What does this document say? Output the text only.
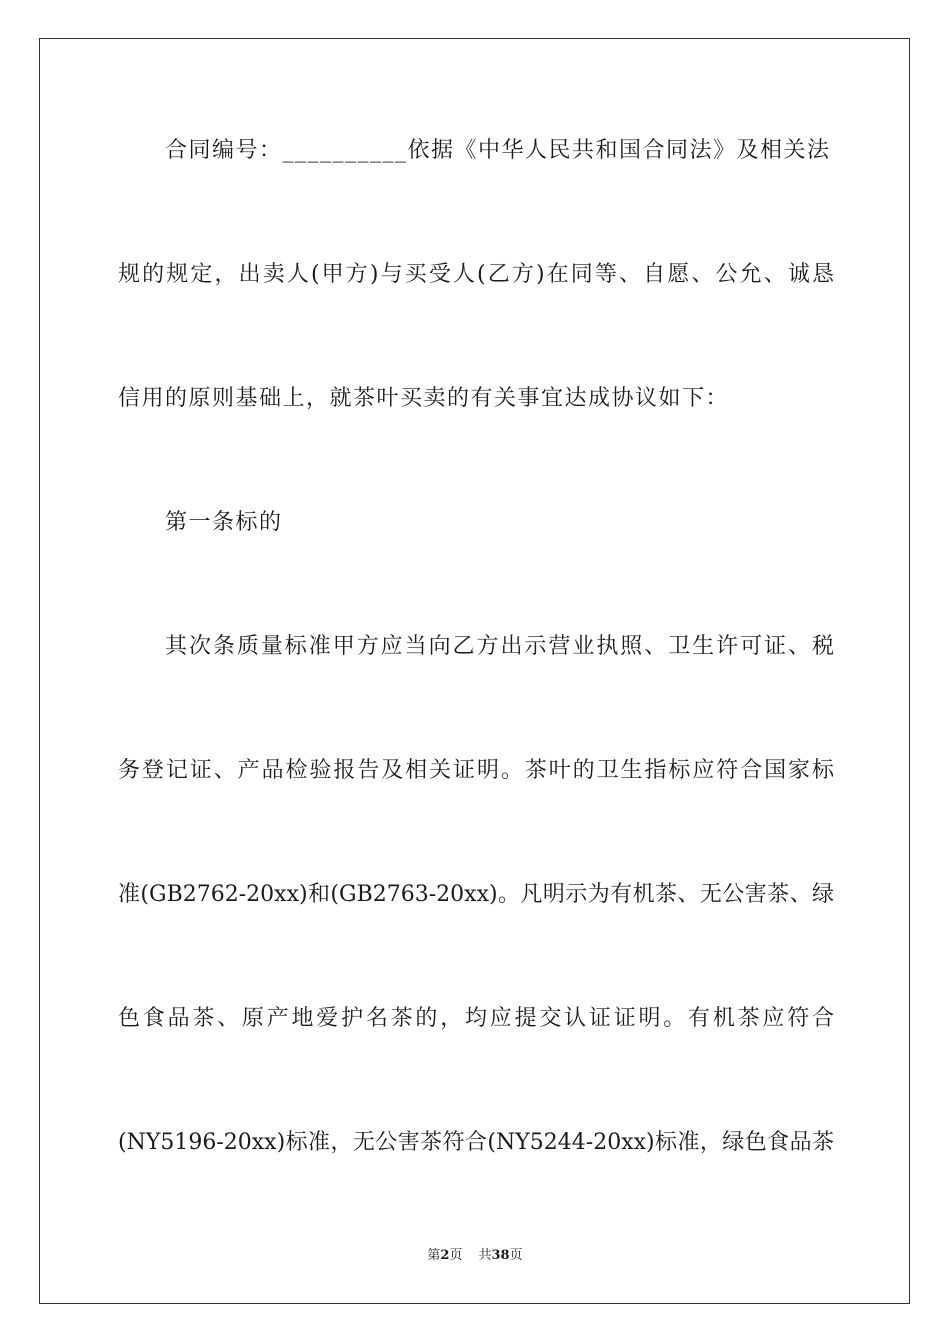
合同编号：__________依据《中华人民共和国合同法》及相关法
规的规定，出卖人(甲方)与买受人(乙方)在同等、自愿、公允、诚恳
信用的原则基础上，就茶叶买卖的有关事宜达成协议如下：
第一条标的
其次条质量标准甲方应当向乙方出示营业执照、卫生许可证、税
务登记证、产品检验报告及相关证明。茶叶的卫生指标应符合国家标
准(GB2762-20xx)和(GB2763-20xx)。凡明示为有机茶、无公害茶、绿
色食品茶、原产地爱护名茶的，均应提交认证证明。有机茶应符合
(NY5196-20xx)标准，无公害茶符合(NY5244-20xx)标准，绿色食品茶
第2页 共38页
